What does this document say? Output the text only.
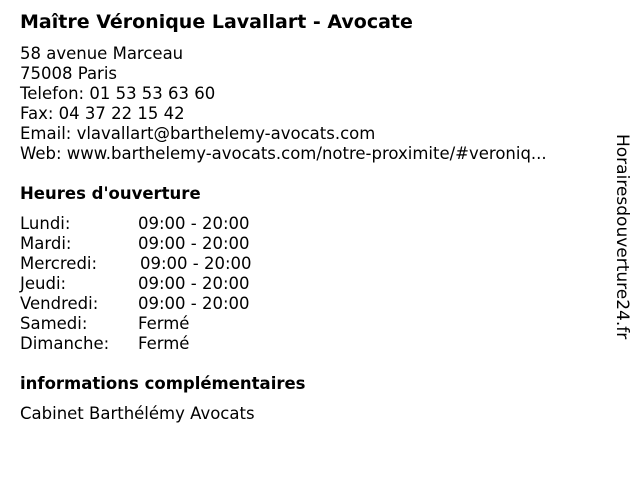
Maître Véronique Lavallart - Avocate
58 avenue Marceau
75008 Paris
Telefon: 01 53 53 63 60
Fax: 04 37 22 15 42
Email: vlavallart@barthelemy-avocats.com
Web: www.barthelemy-avocats.com/notre-proximite/#veroniq...
Heures d'ouverture
Lundi:	09:00 - 20:00
Mardi:	09:00 - 20:00
Mercredi:	09:00 - 20:00
Jeudi:	09:00 - 20:00
Vendredi: 09:00 - 20:00
Samedi:	Fermé
Dimanche: Fermé
informations complémentaires
Cabinet Barthélémy Avocats
Horairesdouverture24.fr
